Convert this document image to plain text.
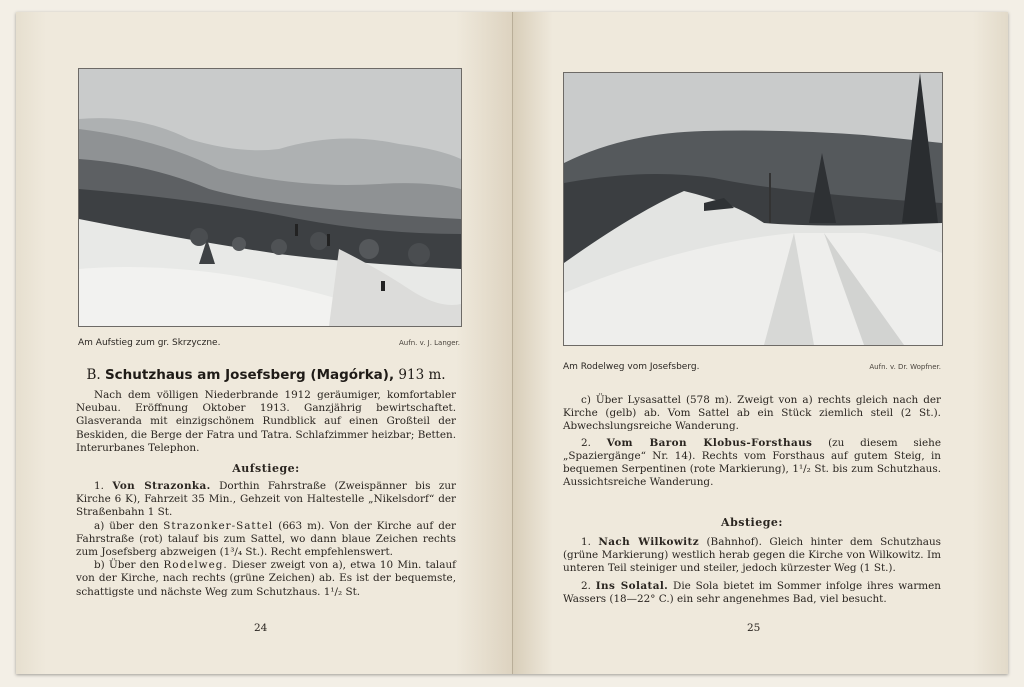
Am Aufstieg zum gr. Skrzyczne.	Aufn. v. J. Langer.
B. Schutzhaus am Josefsberg (Magórka), 913 m.

Nach dem völligen Niederbrande 1912 geräumiger, komfortabler Neubau. Eröffnung Oktober 1913. Ganzjährig bewirtschaftet. Glasveranda mit einzigschönem Rundblick auf einen Großteil der Beskiden, die Berge der Fatra und Tatra. Schlafzimmer heizbar; Betten. Interurbanes Telephon.

Aufstiege:

1. Von Strazonka. Dorthin Fahrstraße (Zweispänner bis zur Kirche 6 K), Fahrzeit 35 Min., Gehzeit von Haltestelle „Nikelsdorf“ der Straßenbahn 1 St.

a) über den Strazonker-Sattel (663 m). Von der Kirche auf der Fahrstraße (rot) talauf bis zum Sattel, wo dann blaue Zeichen rechts zum Josefsberg abzweigen (1³/₄ St.). Recht empfehlenswert.

b) Über den Rodelweg. Dieser zweigt von a), etwa 10 Min. talauf von der Kirche, nach rechts (grüne Zeichen) ab. Es ist der bequemste, schattigste und nächste Weg zum Schutzhaus. 1¹/₂ St.

24
Am Rodelweg vom Josefsberg.	Aufn. v. Dr. Wopfner.

c) Über Lysasattel (578 m). Zweigt von a) rechts gleich nach der Kirche (gelb) ab. Vom Sattel ab ein Stück ziemlich steil (2 St.). Abwechslungsreiche Wanderung.

2. Vom Baron Klobus-Forsthaus (zu diesem siehe „Spaziergänge“ Nr. 14). Rechts vom Forsthaus auf gutem Steig, in bequemen Serpentinen (rote Markierung), 1¹/₂ St. bis zum Schutzhaus. Aussichtsreiche Wanderung.

Abstiege:

1. Nach Wilkowitz (Bahnhof). Gleich hinter dem Schutzhaus (grüne Markierung) westlich herab gegen die Kirche von Wilkowitz. Im unteren Teil steiniger und steiler, jedoch kürzester Weg (1 St.).

2. Ins Solatal. Die Sola bietet im Sommer infolge ihres warmen Wassers (18—22° C.) ein sehr angenehmes Bad, viel besucht.

25
